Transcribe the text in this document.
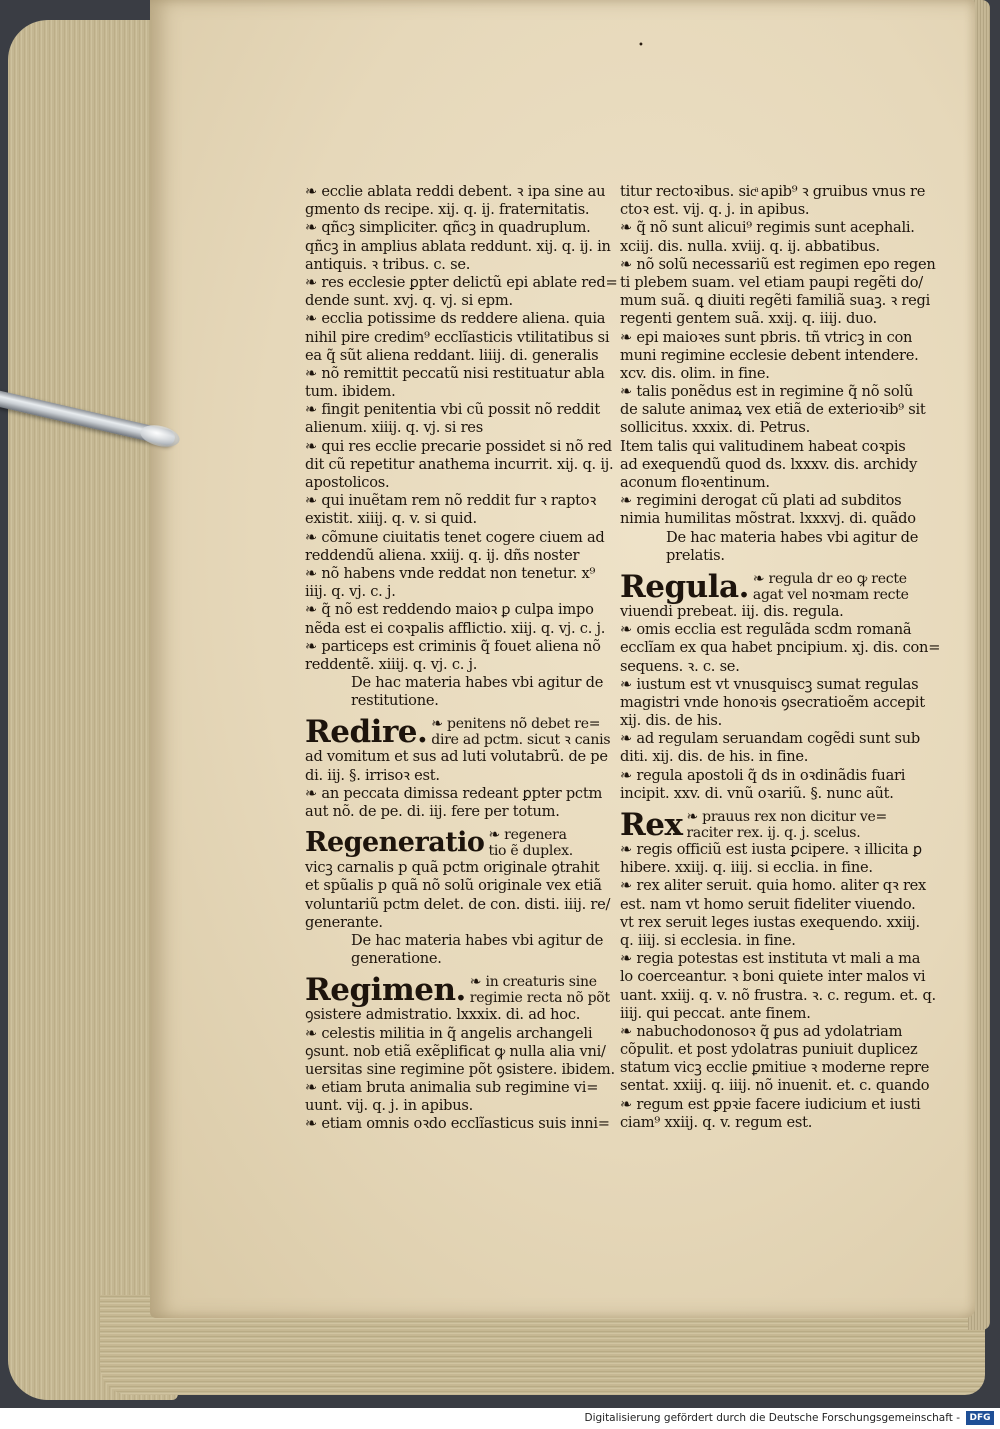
•
❧ ecclie ablata reddi debent. ꝛ ipa sine au
gmento ds recipe. xij. q. ij. fraternitatis.
❧ qñcꝫ simpliciter. qñcꝫ in quadruplum.
qñcꝫ in amplius ablata reddunt. xij. q. ij. in
antiquis. ꝛ tribus. c. se.
❧ res ecclesie ꝑpter delictũ epi ablate red=
dende sunt. xvj. q. vj. si epm.
❧ ecclia potissime ds reddere aliena. quia
nihil pire credim⁹ ecclĩasticis vtilitatibus si
ea q̃ sũt aliena reddant. liiij. di. generalis
❧ nõ remittit peccatũ nisi restituatur abla
tum. ibidem.
❧ fingit penitentia vbi cũ possit nõ reddit
alienum. xiiij. q. vj. si res
❧ qui res ecclie precarie possidet si nõ red
dit cũ repetitur anathema incurrit. xij. q. ij.
apostolicos.
❧ qui inuẽtam rem nõ reddit fur ꝛ raptoꝛ
existit. xiiij. q. v. si quid.
❧ cõmune ciuitatis tenet cogere ciuem ad
reddendũ aliena. xxiij. q. ij. dñs noster
❧ nõ habens vnde reddat non tenetur. x⁹
iiij. q. vj. c. j.
❧ q̃ nõ est reddendo maioꝛ ꝑ culpa impo
nẽda est ei coꝛpalis afflictio. xiij. q. vj. c. j.
❧ particeps est criminis q̃ fouet aliena nõ
reddentẽ. xiiij. q. vj. c. j.
De hac materia habes vbi agitur de
restitutione.
Redire. ❧ penitens nõ debet re=
dire ad pctm. sicut ꝛ canis
ad vomitum et sus ad luti volutabrũ. de pe
di. iij. §. irrisoꝛ est.
❧ an peccata dimissa redeant ꝑpter pctm
aut nõ. de pe. di. iij. fere per totum.
Regeneratio ❧ regenera
tio ẽ duplex.
vicꝫ carnalis p quã pctm originale ꝯtrahit
et spũalis p quã nõ solũ originale vex etiã
voluntariũ pctm delet. de con. disti. iiij. re/
generante.
De hac materia habes vbi agitur de
generatione.
Regimen. ❧ in creaturis sine
regimie recta nõ põt
ꝯsistere admistratio. lxxxix. di. ad hoc.
❧ celestis militia in q̃ angelis archangeli
ꝯsunt. nob etiã exẽplificat ꝙ nulla alia vni/
uersitas sine regimine põt ꝯsistere. ibidem.
❧ etiam bruta animalia sub regimine vi=
uunt. vij. q. j. in apibus.
❧ etiam omnis oꝛdo ecclĩasticus suis inni=
titur rectoꝛibus. sicͣ apib⁹ ꝛ gruibus vnus re
ctoꝛ est. vij. q. j. in apibus.
❧ q̃ nõ sunt alicui⁹ regimis sunt acephali.
xciij. dis. nulla. xviij. q. ij. abbatibus.
❧ nõ solũ necessariũ est regimen epo regen
ti plebem suam. vel etiam paupi regẽti do/
mum suã. ꝗ diuiti regẽti familiã suaꝫ. ꝛ regi
regenti gentem suã. xxij. q. iiij. duo.
❧ epi maioꝛes sunt pbris. tñ vtricꝫ in con
muni regimine ecclesie debent intendere.
xcv. dis. olim. in fine.
❧ talis ponẽdus est in regimine q̃ nõ solũ
de salute animaꝝ vex etiã de exterioꝛib⁹ sit
sollicitus. xxxix. di. Petrus.
Item talis qui valitudinem habeat coꝛpis
ad exequendũ quod ds. lxxxv. dis. archidy
aconum floꝛentinum.
❧ regimini derogat cũ plati ad subditos
nimia humilitas mõstrat. lxxxvj. di. quãdo
De hac materia habes vbi agitur de
prelatis.
Regula. ❧ regula dr eo ꝙ recte
agat vel noꝛmam recte
viuendi prebeat. iij. dis. regula.
❧ omis ecclia est regulãda scdm romanã
ecclĩam ex qua habet pncipium. xj. dis. con=
sequens. ꝛ. c. se.
❧ iustum est vt vnusquiscꝫ sumat regulas
magistri vnde honoꝛis ꝯsecratioẽm accepit
xij. dis. de his.
❧ ad regulam seruandam cogẽdi sunt sub
diti. xij. dis. de his. in fine.
❧ regula apostoli q̃ ds in oꝛdinãdis fuari
incipit. xxv. di. vnũ oꝛariũ. §. nunc aũt.
Rex ❧ prauus rex non dicitur ve=
raciter rex. ij. q. j. scelus.
❧ regis officiũ est iusta ꝑcipere. ꝛ illicita ꝑ
hibere. xxiij. q. iiij. si ecclia. in fine.
❧ rex aliter seruit. quia homo. aliter qꝛ rex
est. nam vt homo seruit fideliter viuendo.
vt rex seruit leges iustas exequendo. xxiij.
q. iiij. si ecclesia. in fine.
❧ regia potestas est instituta vt mali a ma
lo coerceantur. ꝛ boni quiete inter malos vi
uant. xxiij. q. v. nõ frustra. ꝛ. c. regum. et. q.
iiij. qui peccat. ante finem.
❧ nabuchodonosoꝛ q̃ ꝑus ad ydolatriam
cõpulit. et post ydolatras puniuit duplicez
statum vicꝫ ecclie ꝑmitiue ꝛ moderne repre
sentat. xxiij. q. iiij. nõ inuenit. et. c. quando
❧ regum est ꝑpꝛie facere iudicium et iusti
ciam⁹ xxiij. q. v. regum est.
Digitalisierung gefördert durch die Deutsche Forschungsgemeinschaft -	DFG
